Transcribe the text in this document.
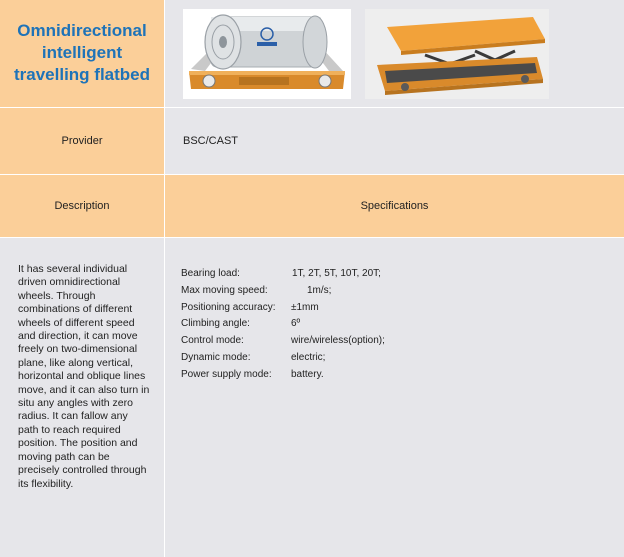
Omnidirectional intelligent travelling flatbed
Provider	BSC/CAST
Description	Specifications
It has several individual driven omnidirectional wheels. Through combinations of different wheels of different speed and direction, it can move freely on two-dimensional plane, like along vertical, horizontal and oblique lines move, and it can also turn in situ any angles with zero radius. It can fallow any path to reach required position. The position and moving path can be precisely controlled through its flexibility.
Bearing load:	1T, 2T, 5T, 10T, 20T;
Max moving speed:	1m/s;
Positioning accuracy: ±1mm
Climbing angle:	6º
Control mode:	wire/wireless(option);
Dynamic mode:	electric;
Power supply mode: battery.
